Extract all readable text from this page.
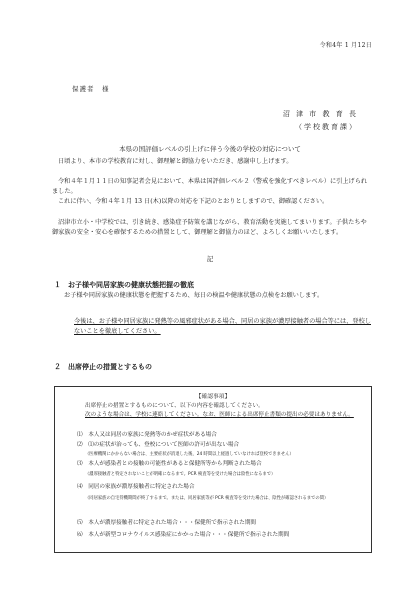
令和4年 1 月12日
保護者　様
沼 津 市 教 育 長
（学校教育課）
本県の国評価レベルの引上げに伴う今後の学校の対応について
日頃より、本市の学校教育に対し、御理解と御協力をいただき、感謝申し上げます。
令和４年１月１１日の知事記者会見において、本県は国評価レベル２（警戒を強化すべきレベル）に引上げられました。
これに伴い、令和４年１月 13 日(木)以降の対応を下記のとおりとしますので、御確認ください。
沼津市立小・中学校では、引き続き、感染症予防策を講じながら、教育活動を実施してまいります。子供たちや御家族の安全・安心を確保するための措置として、御理解と御協力のほど、よろしくお願いいたします。
記
１　お子様や同居家族の健康状態把握の徹底
お子様や同居家族の健康状態を把握するため、毎日の検温や健康状態の点検をお願いします。
今後は、お子様や同居家族に発熱等の風邪症状がある場合、同居の家族が濃厚接触者の場合等には、登校しないことを徹底してください。
２　出席停止の措置とするもの
【確認事項】
出席停止の措置とするものについて、以下の内容を確認してください。
次のような場合は、学校に連絡してください。なお、医師による出席停止書類の提出の必要はありません。
⑴　本人又は同居の家族に発熱等のかぜ症状がある場合
⑵　⑴の症状が治っても、登校について医師の許可が出ない場合
（医療機関にかからない場合は、主要症状が消退した後、24 時間以上経過していなければ登校できません）
⑶　本人が感染者との接触の可能性があると保健所等から判断された場合
（濃厚接触者と特定されないことが明確になるまで。PCR 検査等を受けた場合は陰性になるまで）
⑷　同居の家族が濃厚接触者に特定された場合
（同居家族の自宅待機期間が終了するまで。または、同居家族等が PCR 検査等を受けた場合は、陰性が確認されるまでの間）
⑸　本人が濃厚接触者に特定された場合・・・保健所で指示された期間
⑹　本人が新型コロナウイルス感染症にかかった場合・・・保健所で指示された期間
